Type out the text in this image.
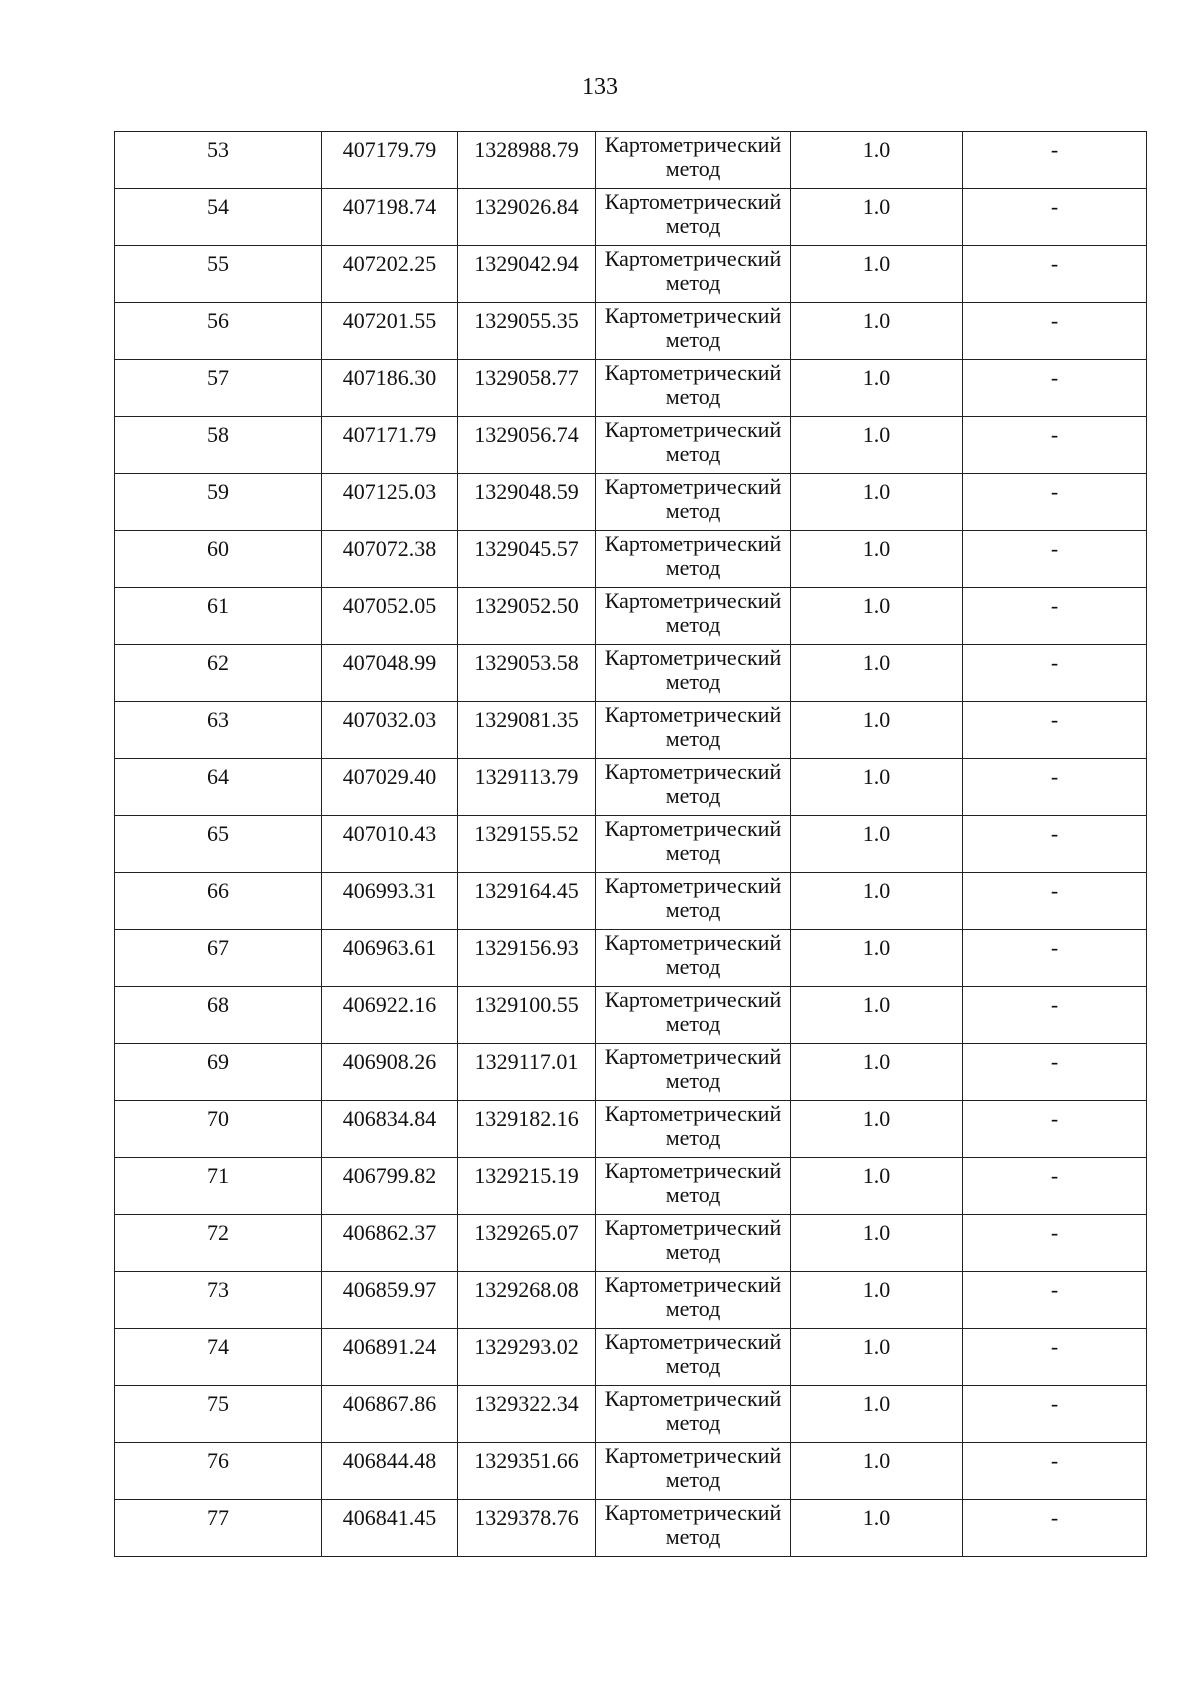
133
53	407179.79	1328988.79	Картометрический
метод	1.0	-
54	407198.74	1329026.84	Картометрический
метод	1.0	-
55	407202.25	1329042.94	Картометрический
метод	1.0	-
56	407201.55	1329055.35	Картометрический
метод	1.0	-
57	407186.30	1329058.77	Картометрический
метод	1.0	-
58	407171.79	1329056.74	Картометрический
метод	1.0	-
59	407125.03	1329048.59	Картометрический
метод	1.0	-
60	407072.38	1329045.57	Картометрический
метод	1.0	-
61	407052.05	1329052.50	Картометрический
метод	1.0	-
62	407048.99	1329053.58	Картометрический
метод	1.0	-
63	407032.03	1329081.35	Картометрический
метод	1.0	-
64	407029.40	1329113.79	Картометрический
метод	1.0	-
65	407010.43	1329155.52	Картометрический
метод	1.0	-
66	406993.31	1329164.45	Картометрический
метод	1.0	-
67	406963.61	1329156.93	Картометрический
метод	1.0	-
68	406922.16	1329100.55	Картометрический
метод	1.0	-
69	406908.26	1329117.01	Картометрический
метод	1.0	-
70	406834.84	1329182.16	Картометрический
метод	1.0	-
71	406799.82	1329215.19	Картометрический
метод	1.0	-
72	406862.37	1329265.07	Картометрический
метод	1.0	-
73	406859.97	1329268.08	Картометрический
метод	1.0	-
74	406891.24	1329293.02	Картометрический
метод	1.0	-
75	406867.86	1329322.34	Картометрический
метод	1.0	-
76	406844.48	1329351.66	Картометрический
метод	1.0	-
77	406841.45	1329378.76	Картометрический
метод	1.0	-
